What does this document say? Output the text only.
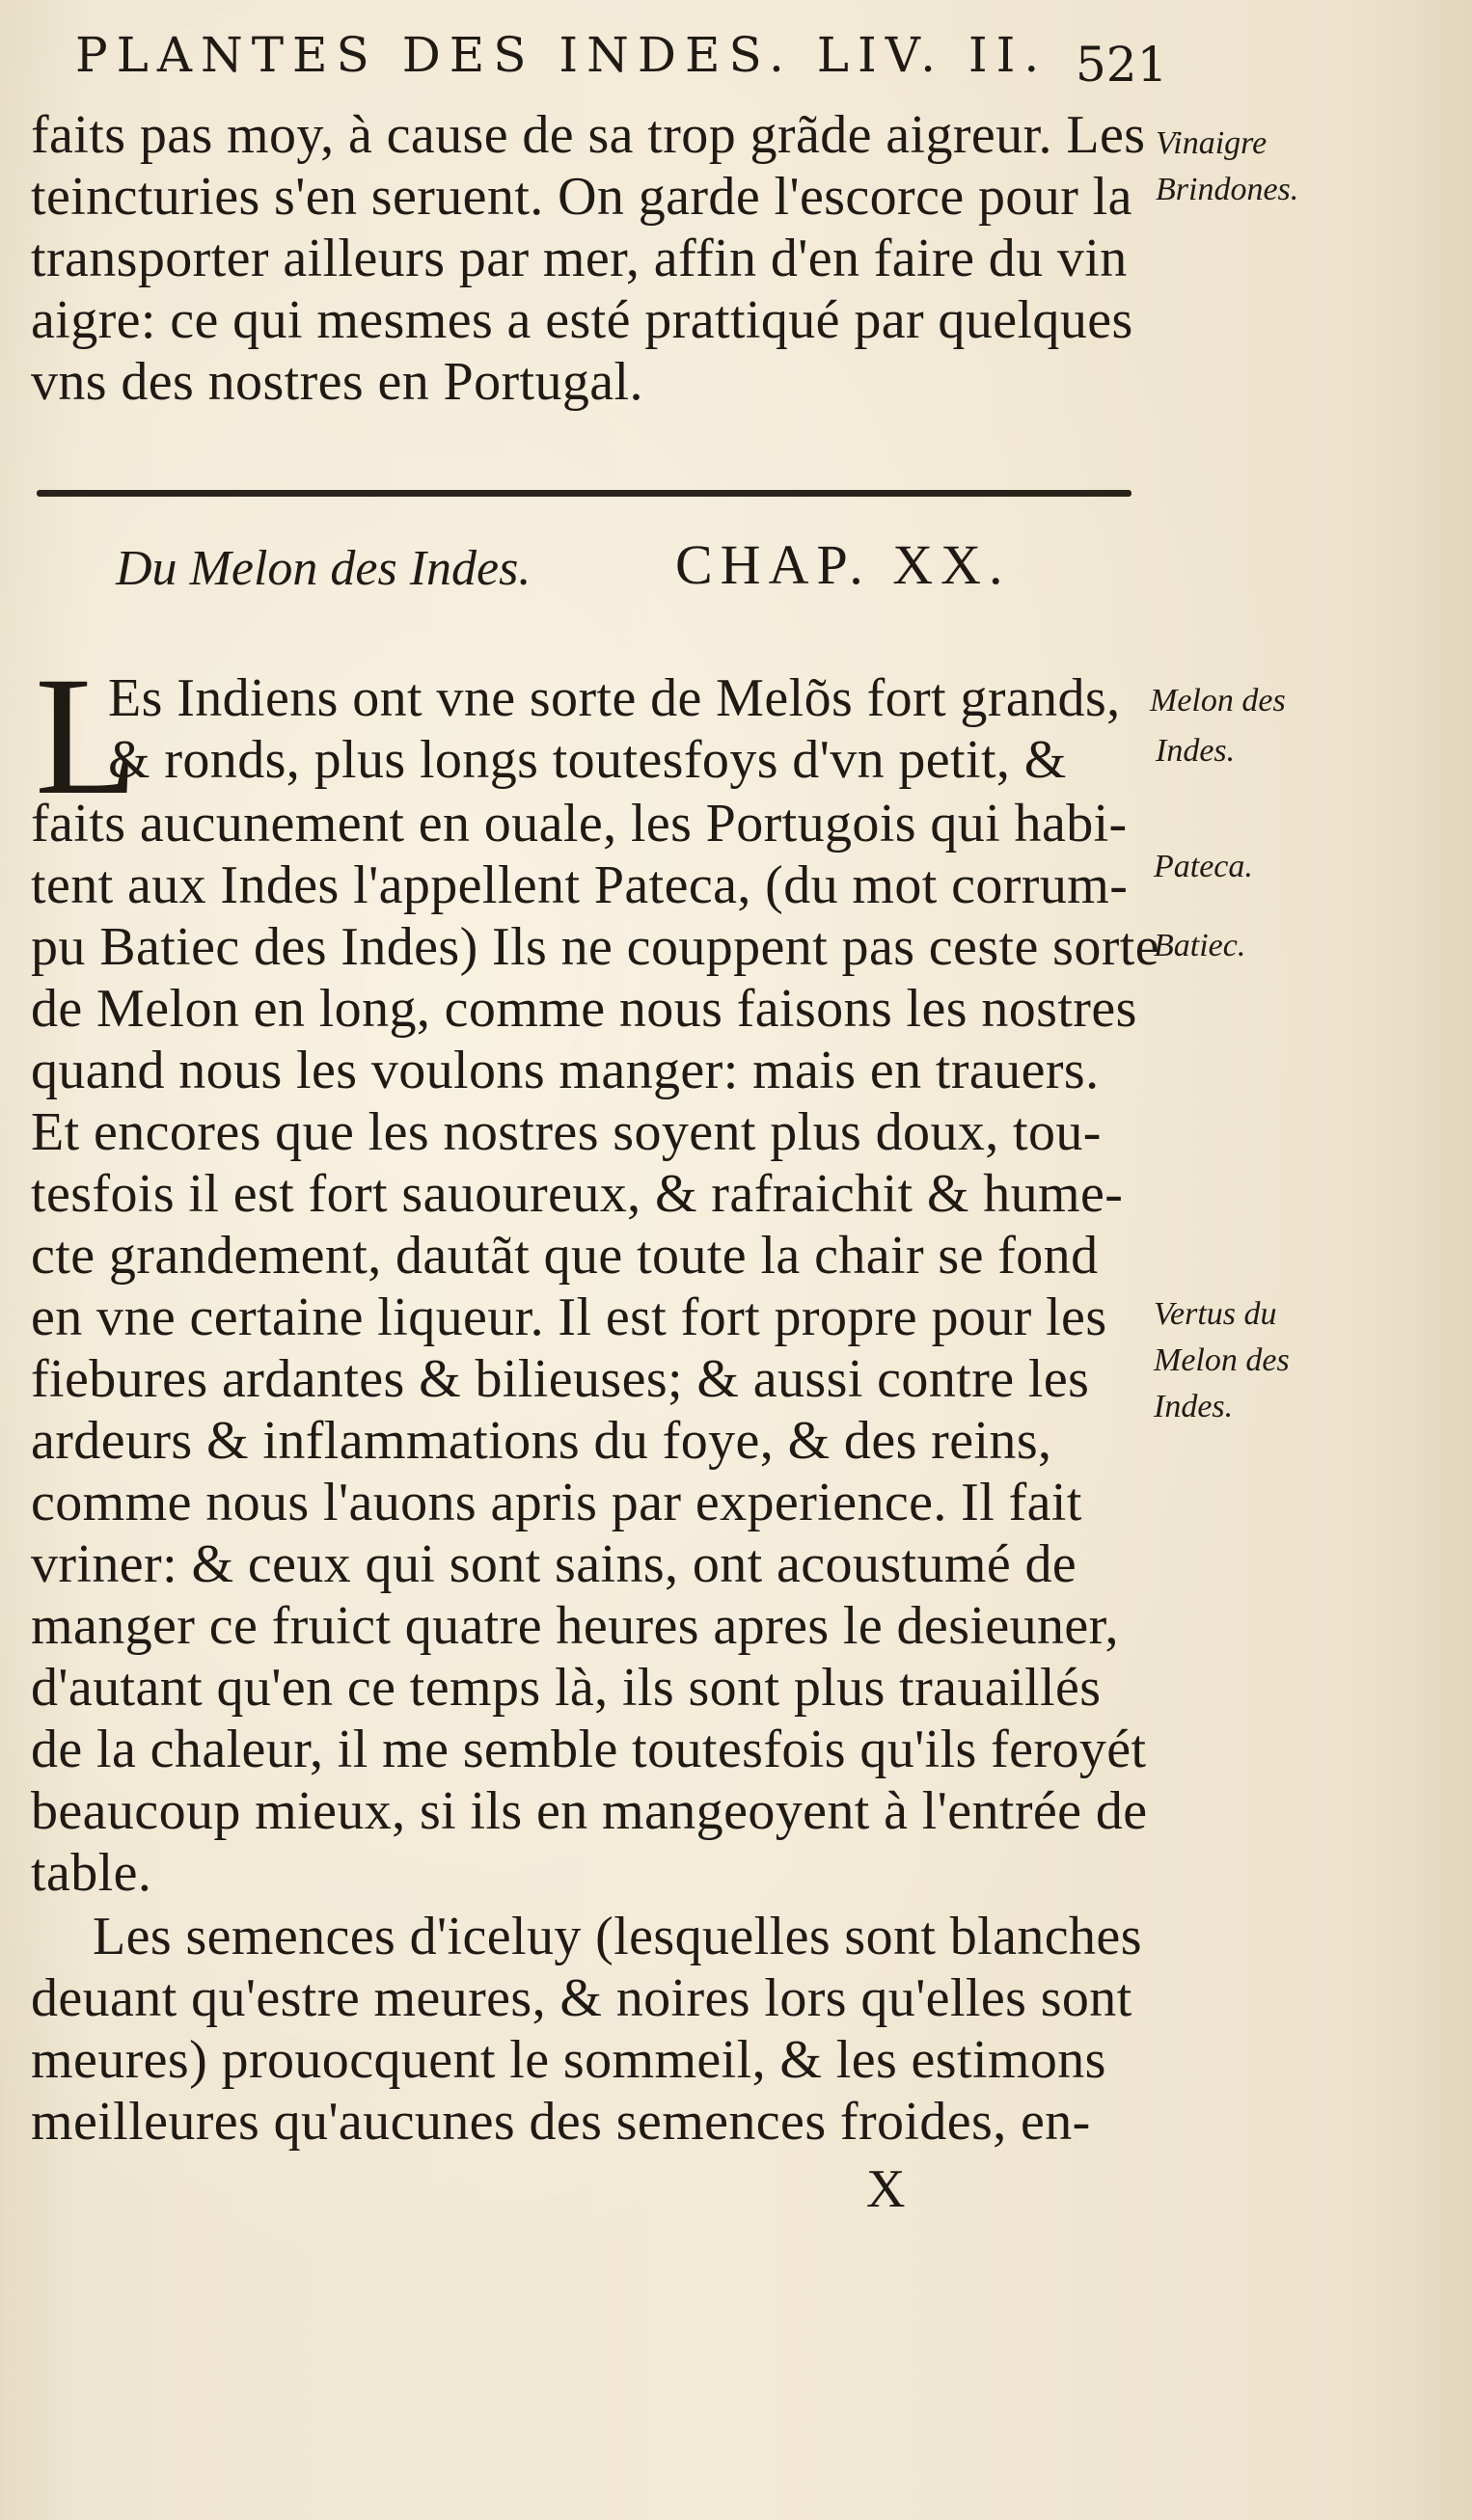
PLANTES DES INDES. LIV. II. 521
faits pas moy, à cause de sa trop grãde aigreur. Les
teincturies s'en seruent. On garde l'escorce pour la
transporter ailleurs par mer, affin d'en faire du vin
aigre: ce qui mesmes a esté prattiqué par quelques
vns des nostres en Portugal.
Vinaigre
Brindones.
Du Melon des Indes.	CHAP. XX.
L
Es Indiens ont vne sorte de Melõs fort grands,
& ronds, plus longs toutesfoys d'vn petit, &
faits aucunement en ouale, les Portugois qui habi-
tent aux Indes l'appellent Pateca, (du mot corrum-
pu Batiec des Indes) Ils ne couppent pas ceste sorte
de Melon en long, comme nous faisons les nostres
quand nous les voulons manger: mais en trauers.
Et encores que les nostres soyent plus doux, tou-
tesfois il est fort sauoureux, & rafraichit & hume-
cte grandement, dautãt que toute la chair se fond
en vne certaine liqueur. Il est fort propre pour les
fiebures ardantes & bilieuses; & aussi contre les
ardeurs & inflammations du foye, & des reins,
comme nous l'auons apris par experience. Il fait
vriner: & ceux qui sont sains, ont acoustumé de
manger ce fruict quatre heures apres le desieuner,
d'autant qu'en ce temps là, ils sont plus trauaillés
de la chaleur, il me semble toutesfois qu'ils feroyét
beaucoup mieux, si ils en mangeoyent à l'entrée de
table.
Les semences d'iceluy (lesquelles sont blanches
deuant qu'estre meures, & noires lors qu'elles sont
meures) prouocquent le sommeil, & les estimons
meilleures qu'aucunes des semences froides, en-
Melon des
Indes.
Pateca.
Batiec.
Vertus du
Melon des
Indes.
X
